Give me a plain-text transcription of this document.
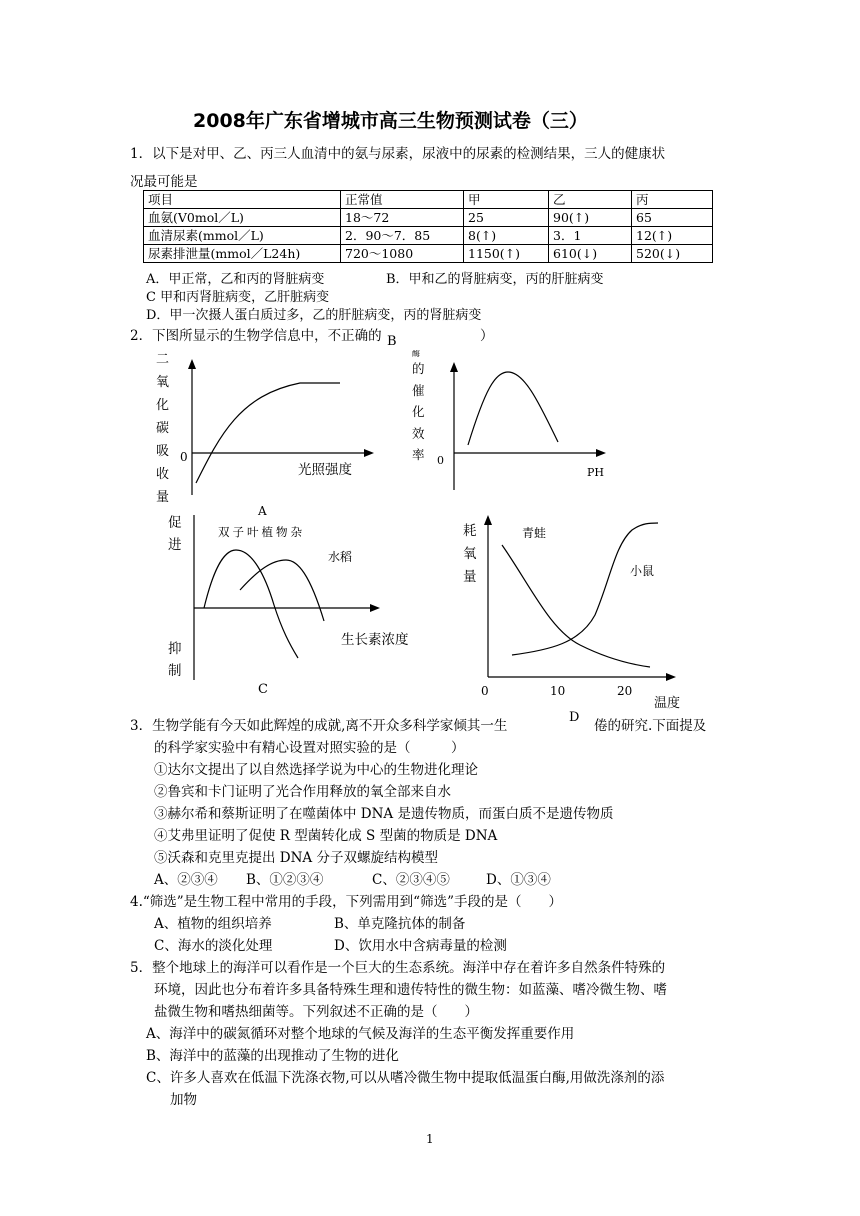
2008年广东省增城市高三生物预测试卷（三）
1．以下是对甲、乙、丙三人血清中的氨与尿素，尿液中的尿素的检测结果，三人的健康状
况最可能是
项目	正常值	甲	乙	丙
血氨(V0mol／L)	18～72	25	90(↑)	65
血清尿素(mmol／L)	2．90～7．85	8(↑)	3．1	12(↑)
尿素排泄量(mmol／L24h)	720～1080	1150(↑)	610(↓)	520(↓)
A．甲正常，乙和丙的肾脏病变	B．甲和乙的肾脏病变，丙的肝脏病变
C 甲和丙肾脏病变，乙肝脏病变
D．甲一次摄人蛋白质过多，乙的肝脏病变，丙的肾脏病变
2．下图所显示的生物学信息中，不正确的	）
二
氧
化
碳
吸
收
量
0
光照强度
A
B
酶
的
催
化
效
率 0
PH
促
进
抑
制
双子叶植物杂
水稻
生长素浓度
C
耗
氧
量
青蛙
小鼠
0	10	20
温度
D
3．生物学能有今天如此辉煌的成就,离不开众多科学家倾其一生	倦的研究.下面提及
的科学家实验中有精心设置对照实验的是（　　　）
①达尔文提出了以自然选择学说为中心的生物进化理论
②鲁宾和卡门证明了光合作用释放的氧全部来自水
③赫尔希和蔡斯证明了在噬菌体中 DNA 是遗传物质，而蛋白质不是遗传物质
④艾弗里证明了促使 R 型菌转化成 S 型菌的物质是 DNA
⑤沃森和克里克提出 DNA 分子双螺旋结构模型
A、②③④ B、①②③④	C、②③④⑤	D、①③④
4.“筛选”是生物工程中常用的手段，下列需用到“筛选”手段的是（　　）
A、植物的组织培养	B、单克隆抗体的制备
C、海水的淡化处理	D、饮用水中含病毒量的检测
5．整个地球上的海洋可以看作是一个巨大的生态系统。海洋中存在着许多自然条件特殊的
环境，因此也分布着许多具备特殊生理和遗传特性的微生物：如蓝藻、嗜冷微生物、嗜
盐微生物和嗜热细菌等。下列叙述不正确的是（　　）
A、海洋中的碳氮循环对整个地球的气候及海洋的生态平衡发挥重要作用
B、海洋中的蓝藻的出现推动了生物的进化
C、许多人喜欢在低温下洗涤衣物,可以从嗜冷微生物中提取低温蛋白酶,用做洗涤剂的添
加物
1
